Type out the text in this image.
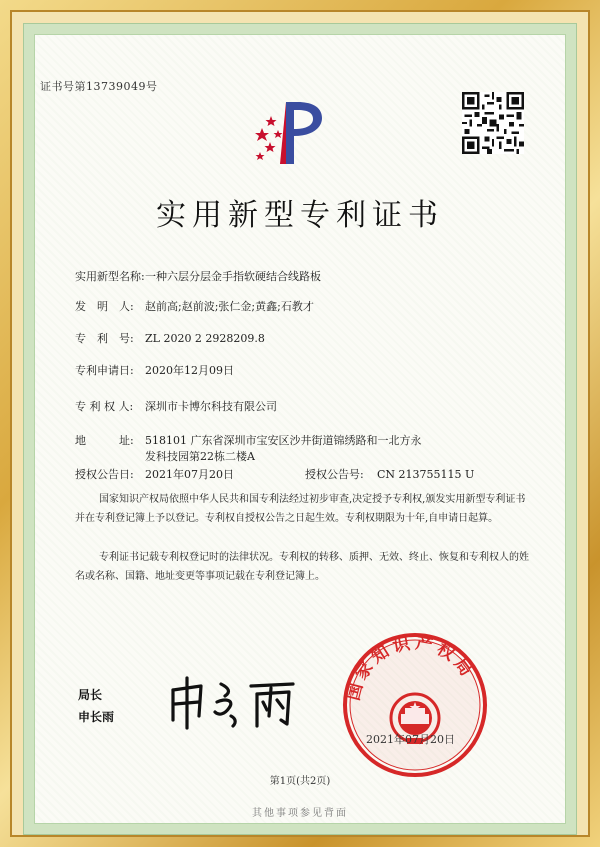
证书号第13739049号
实用新型专利证书
实用新型名称:一种六层分层金手指软硬结合线路板
发　明　人: 赵前高;赵前波;张仁金;黄鑫;石教才
专　利　号: ZL 2020 2 2928209.8
专利申请日: 2020年12月09日
专 利 权 人: 深圳市卡博尔科技有限公司
地　　　址: 518101 广东省深圳市宝安区沙井街道锦绣路和一北方永
发科技园第22栋二楼A
授权公告日: 2021年07月20日	授权公告号: CN 213755115 U
国家知识产权局依照中华人民共和国专利法经过初步审查,决定授予专利权,颁发实用新型专利证书并在专利登记簿上予以登记。专利权自授权公告之日起生效。专利权期限为十年,自申请日起算。
专利证书记载专利权登记时的法律状况。专利权的转移、质押、无效、终止、恢复和专利权人的姓名或名称、国籍、地址变更等事项记载在专利登记簿上。
局长
申长雨
国家知识产权局
2021年07月20日
第1页(共2页)
其他事项参见背面
